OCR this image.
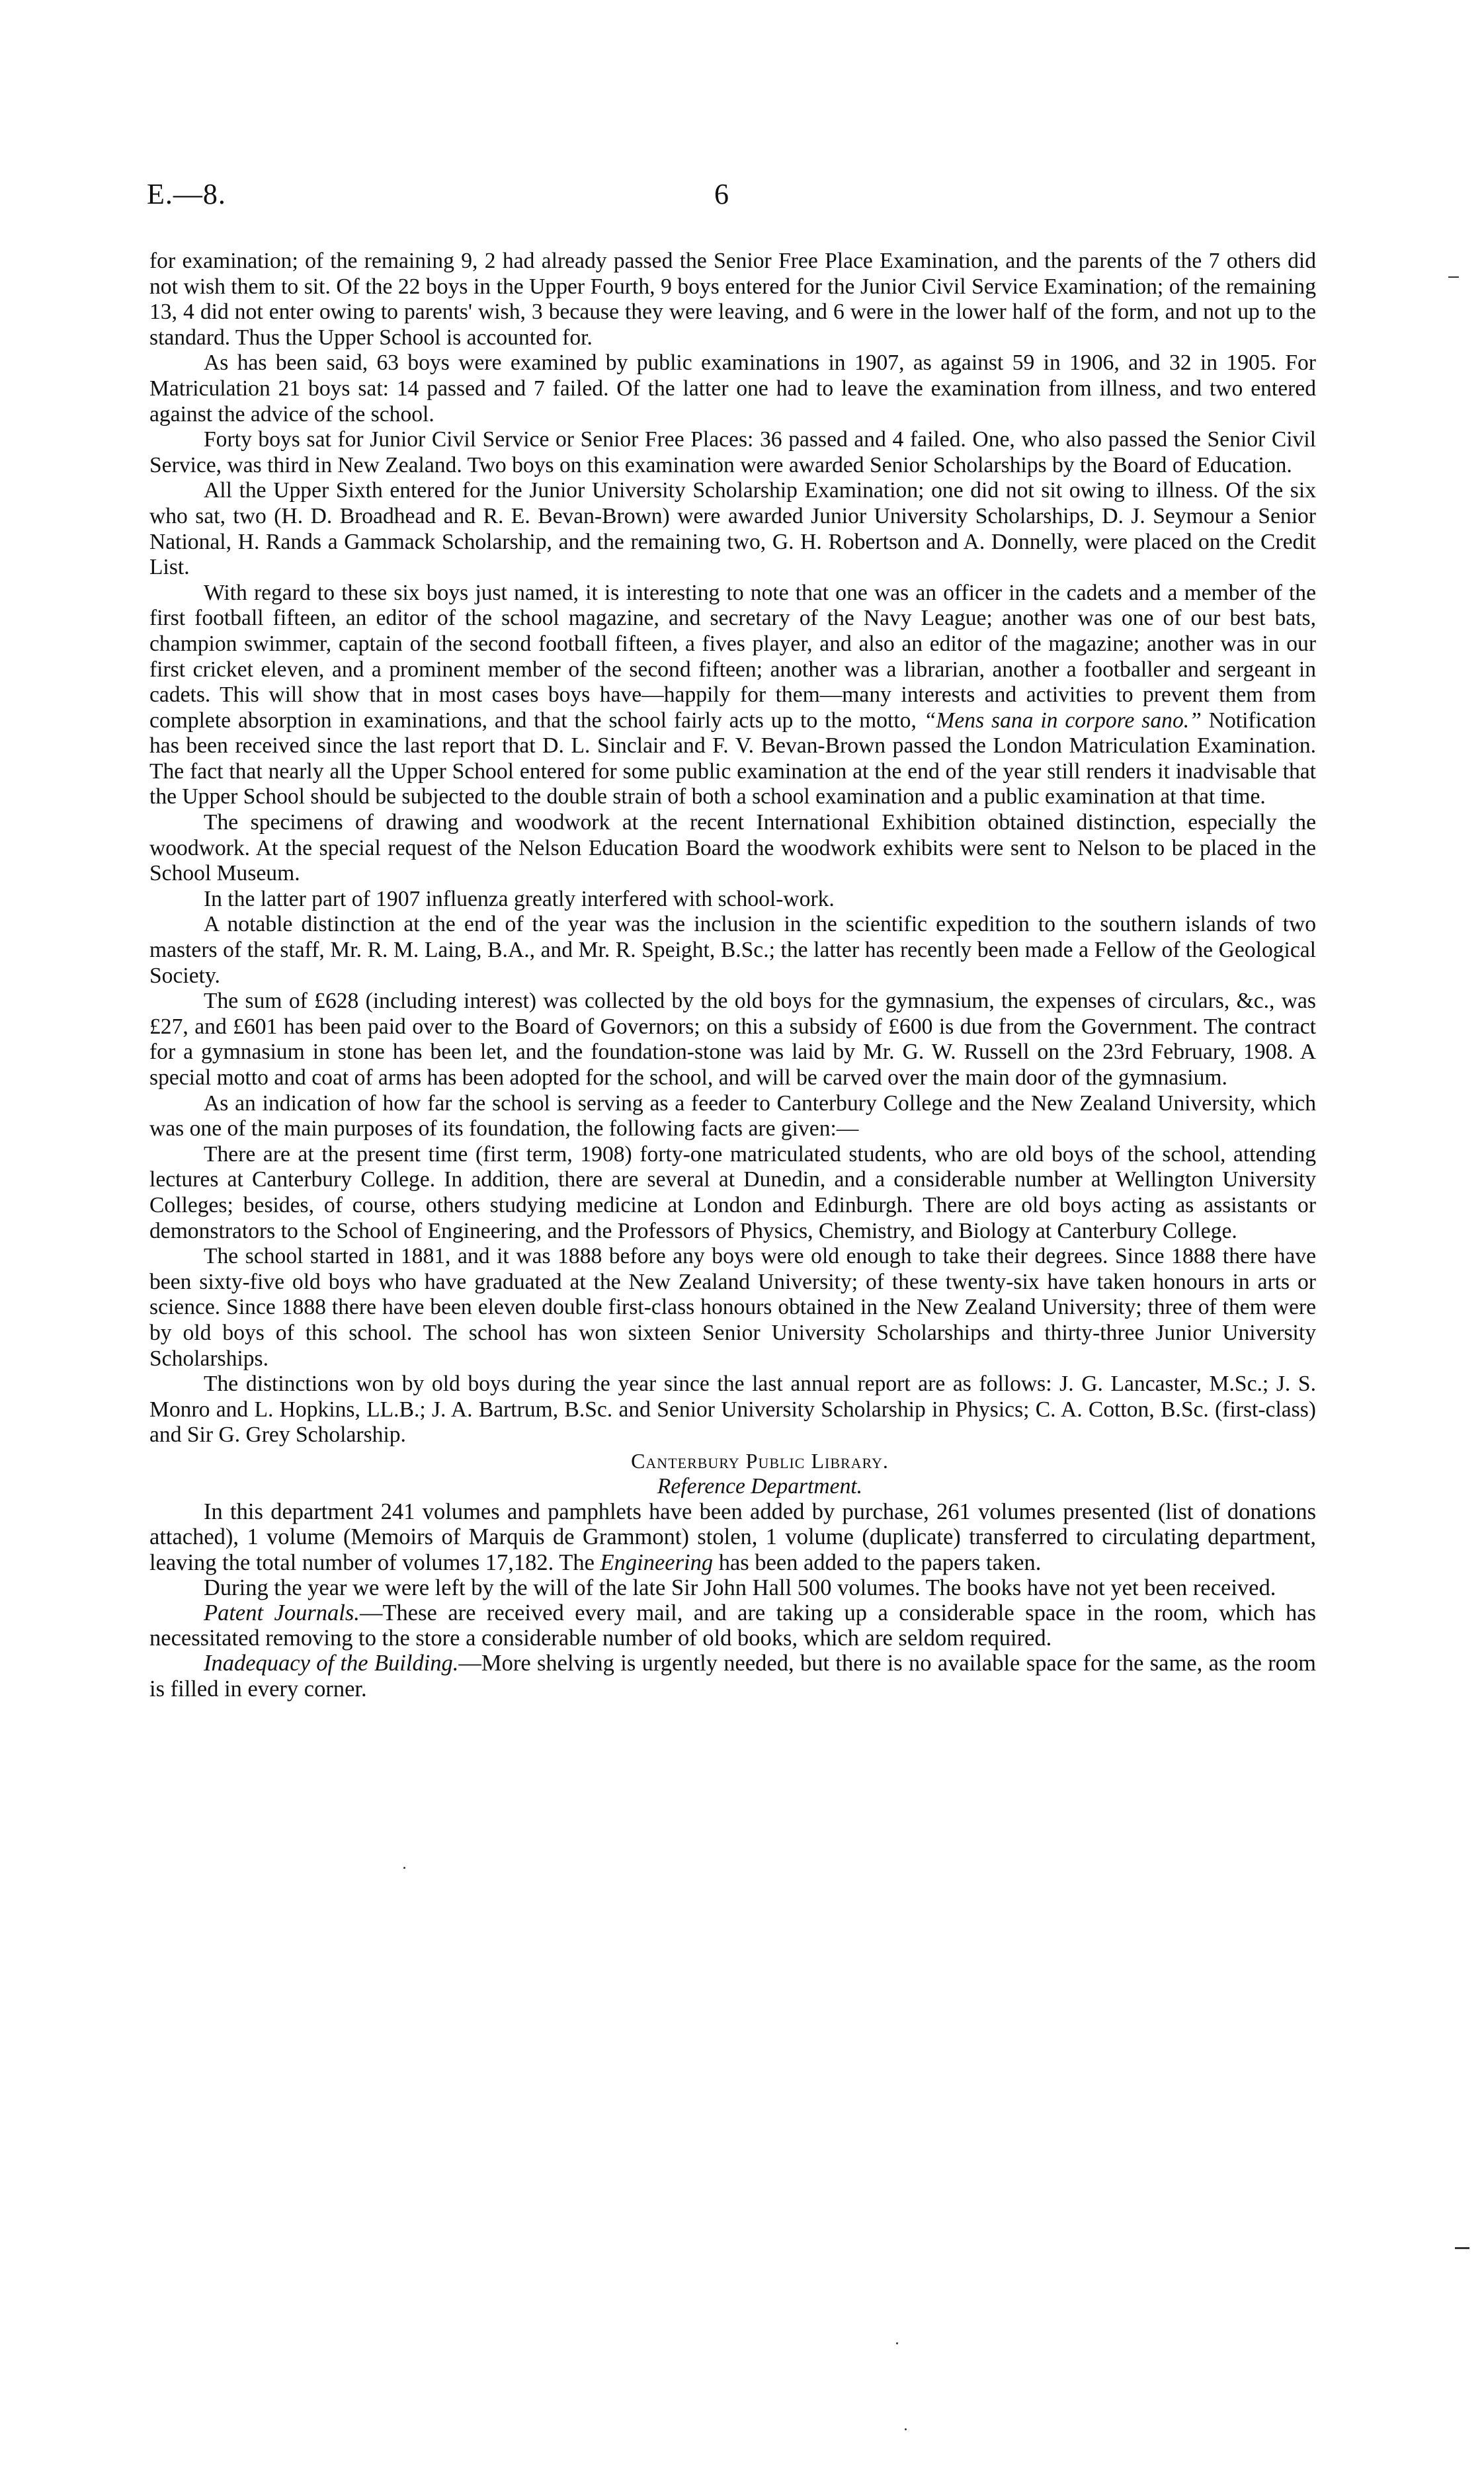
E.—8.	6

for examination; of the remaining 9, 2 had already passed the Senior Free Place Examination, and the parents of the 7 others did not wish them to sit. Of the 22 boys in the Upper Fourth, 9 boys entered for the Junior Civil Service Examination; of the remaining 13, 4 did not enter owing to parents' wish, 3 because they were leaving, and 6 were in the lower half of the form, and not up to the standard. Thus the Upper School is accounted for.

As has been said, 63 boys were examined by public examinations in 1907, as against 59 in 1906, and 32 in 1905. For Matriculation 21 boys sat: 14 passed and 7 failed. Of the latter one had to leave the examination from illness, and two entered against the advice of the school.

Forty boys sat for Junior Civil Service or Senior Free Places: 36 passed and 4 failed. One, who also passed the Senior Civil Service, was third in New Zealand. Two boys on this examination were awarded Senior Scholarships by the Board of Education.

All the Upper Sixth entered for the Junior University Scholarship Examination; one did not sit owing to illness. Of the six who sat, two (H. D. Broadhead and R. E. Bevan-Brown) were awarded Junior University Scholarships, D. J. Seymour a Senior National, H. Rands a Gammack Scholarship, and the remaining two, G. H. Robertson and A. Donnelly, were placed on the Credit List.

With regard to these six boys just named, it is interesting to note that one was an officer in the cadets and a member of the first football fifteen, an editor of the school magazine, and secretary of the Navy League; another was one of our best bats, champion swimmer, captain of the second football fifteen, a fives player, and also an editor of the magazine; another was in our first cricket eleven, and a prominent member of the second fifteen; another was a librarian, another a footballer and sergeant in cadets. This will show that in most cases boys have—happily for them—many interests and activities to prevent them from complete absorption in examinations, and that the school fairly acts up to the motto, “Mens sana in corpore sano.” Notification has been received since the last report that D. L. Sinclair and F. V. Bevan-Brown passed the London Matriculation Examination. The fact that nearly all the Upper School entered for some public examination at the end of the year still renders it inadvisable that the Upper School should be subjected to the double strain of both a school examination and a public examination at that time.

The specimens of drawing and woodwork at the recent International Exhibition obtained distinction, especially the woodwork. At the special request of the Nelson Education Board the woodwork exhibits were sent to Nelson to be placed in the School Museum.

In the latter part of 1907 influenza greatly interfered with school-work.

A notable distinction at the end of the year was the inclusion in the scientific expedition to the southern islands of two masters of the staff, Mr. R. M. Laing, B.A., and Mr. R. Speight, B.Sc.; the latter has recently been made a Fellow of the Geological Society.

The sum of £628 (including interest) was collected by the old boys for the gymnasium, the expenses of circulars, &c., was £27, and £601 has been paid over to the Board of Governors; on this a subsidy of £600 is due from the Government. The contract for a gymnasium in stone has been let, and the foundation-stone was laid by Mr. G. W. Russell on the 23rd February, 1908. A special motto and coat of arms has been adopted for the school, and will be carved over the main door of the gymnasium.

As an indication of how far the school is serving as a feeder to Canterbury College and the New Zealand University, which was one of the main purposes of its foundation, the following facts are given:—

There are at the present time (first term, 1908) forty-one matriculated students, who are old boys of the school, attending lectures at Canterbury College. In addition, there are several at Dunedin, and a considerable number at Wellington University Colleges; besides, of course, others studying medicine at London and Edinburgh. There are old boys acting as assistants or demonstrators to the School of Engineering, and the Professors of Physics, Chemistry, and Biology at Canterbury College.

The school started in 1881, and it was 1888 before any boys were old enough to take their degrees. Since 1888 there have been sixty-five old boys who have graduated at the New Zealand University; of these twenty-six have taken honours in arts or science. Since 1888 there have been eleven double first-class honours obtained in the New Zealand University; three of them were by old boys of this school. The school has won sixteen Senior University Scholarships and thirty-three Junior University Scholarships.

The distinctions won by old boys during the year since the last annual report are as follows: J. G. Lancaster, M.Sc.; J. S. Monro and L. Hopkins, LL.B.; J. A. Bartrum, B.Sc. and Senior University Scholarship in Physics; C. A. Cotton, B.Sc. (first-class) and Sir G. Grey Scholarship.

Canterbury Public Library.

Reference Department.

In this department 241 volumes and pamphlets have been added by purchase, 261 volumes presented (list of donations attached), 1 volume (Memoirs of Marquis de Grammont) stolen, 1 volume (duplicate) transferred to circulating department, leaving the total number of volumes 17,182. The Engineering has been added to the papers taken.

During the year we were left by the will of the late Sir John Hall 500 volumes. The books have not yet been received.

Patent Journals.—These are received every mail, and are taking up a considerable space in the room, which has necessitated removing to the store a considerable number of old books, which are seldom required.

Inadequacy of the Building.—More shelving is urgently needed, but there is no available space for the same, as the room is filled in every corner.
